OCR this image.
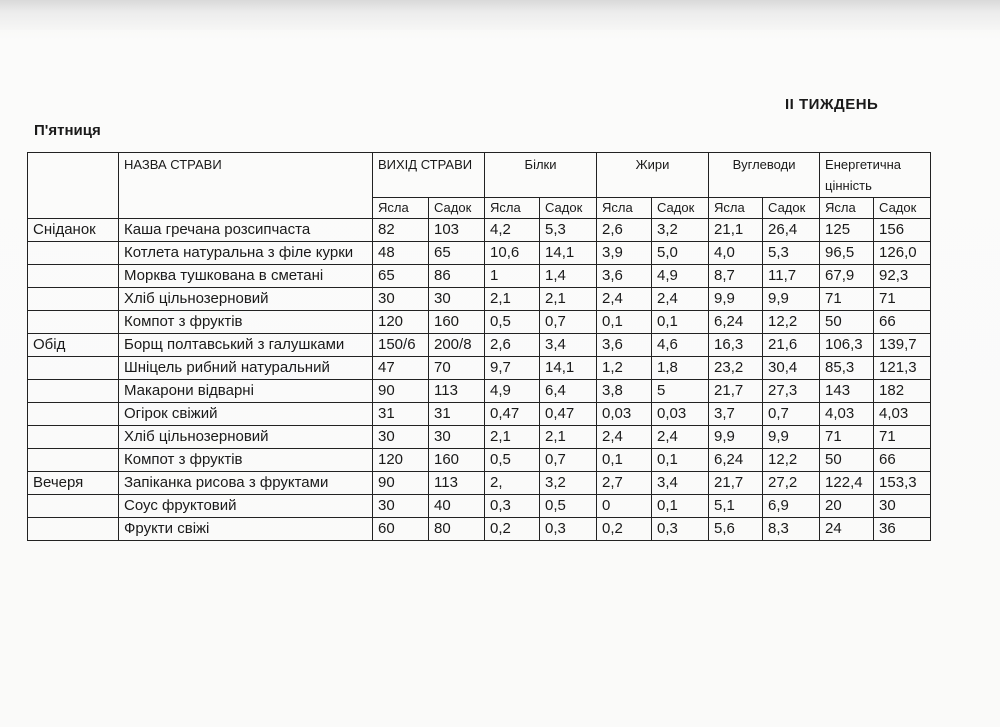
ІІ ТИЖДЕНЬ
П'ятниця
	НАЗВА СТРАВИ	ВИХІД СТРАВИ		Білки		Жири		Вуглеводи		Енергетична цінність	
		Ясла	Садок	Ясла	Садок	Ясла	Садок	Ясла	Садок	Ясла	Садок
Сніданок	Каша гречана розсипчаста	82	103	4,2	5,3	2,6	3,2	21,1	26,4	125	156
	Котлета натуральна з філе курки	48	65	10,6	14,1	3,9	5,0	4,0	5,3	96,5	126,0
	Морква тушкована в сметані	65	86	1	1,4	3,6	4,9	8,7	11,7	67,9	92,3
	Хліб цільнозерновий	30	30	2,1	2,1	2,4	2,4	9,9	9,9	71	71
	Компот з фруктів	120	160	0,5	0,7	0,1	0,1	6,24	12,2	50	66
Обід	Борщ полтавський з галушками	150/6	200/8	2,6	3,4	3,6	4,6	16,3	21,6	106,3	139,7
	Шніцель рибний натуральний	47	70	9,7	14,1	1,2	1,8	23,2	30,4	85,3	121,3
	Макарони відварні	90	113	4,9	6,4	3,8	5	21,7	27,3	143	182
	Огірок свіжий	31	31	0,47	0,47	0,03	0,03	3,7	0,7	4,03	4,03
	Хліб цільнозерновий	30	30	2,1	2,1	2,4	2,4	9,9	9,9	71	71
	Компот з фруктів	120	160	0,5	0,7	0,1	0,1	6,24	12,2	50	66
Вечеря	Запіканка рисова з фруктами	90	113	2,	3,2	2,7	3,4	21,7	27,2	122,4	153,3
	Соус фруктовий	30	40	0,3	0,5	0	0,1	5,1	6,9	20	30
	Фрукти свіжі	60	80	0,2	0,3	0,2	0,3	5,6	8,3	24	36
